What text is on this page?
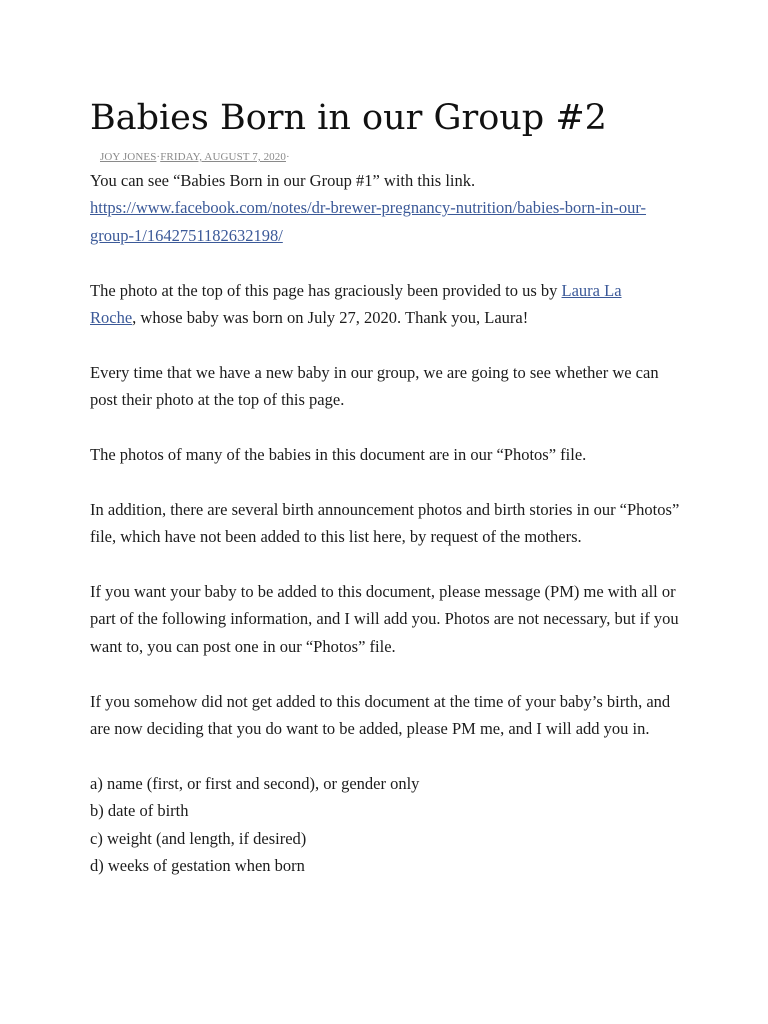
Babies Born in our Group #2
JOY JONES·FRIDAY, AUGUST 7, 2020·

You can see “Babies Born in our Group #1” with this link.

https://www.facebook.com/notes/dr-brewer-pregnancy-nutrition/babies-born-in-our-
group-1/1642751182632198/

The photo at the top of this page has graciously been provided to us by Laura La
Roche, whose baby was born on July 27, 2020. Thank you, Laura!

Every time that we have a new baby in our group, we are going to see whether we can post their photo at the top of this page.

The photos of many of the babies in this document are in our “Photos” file.

In addition, there are several birth announcement photos and birth stories in our “Photos” file, which have not been added to this list here, by request of the mothers.

If you want your baby to be added to this document, please message (PM) me with all or part of the following information, and I will add you. Photos are not necessary, but if you want to, you can post one in our “Photos” file.

If you somehow did not get added to this document at the time of your baby’s birth, and are now deciding that you do want to be added, please PM me, and I will add you in.

a) name (first, or first and second), or gender only

b) date of birth

c) weight (and length, if desired)

d) weeks of gestation when born
